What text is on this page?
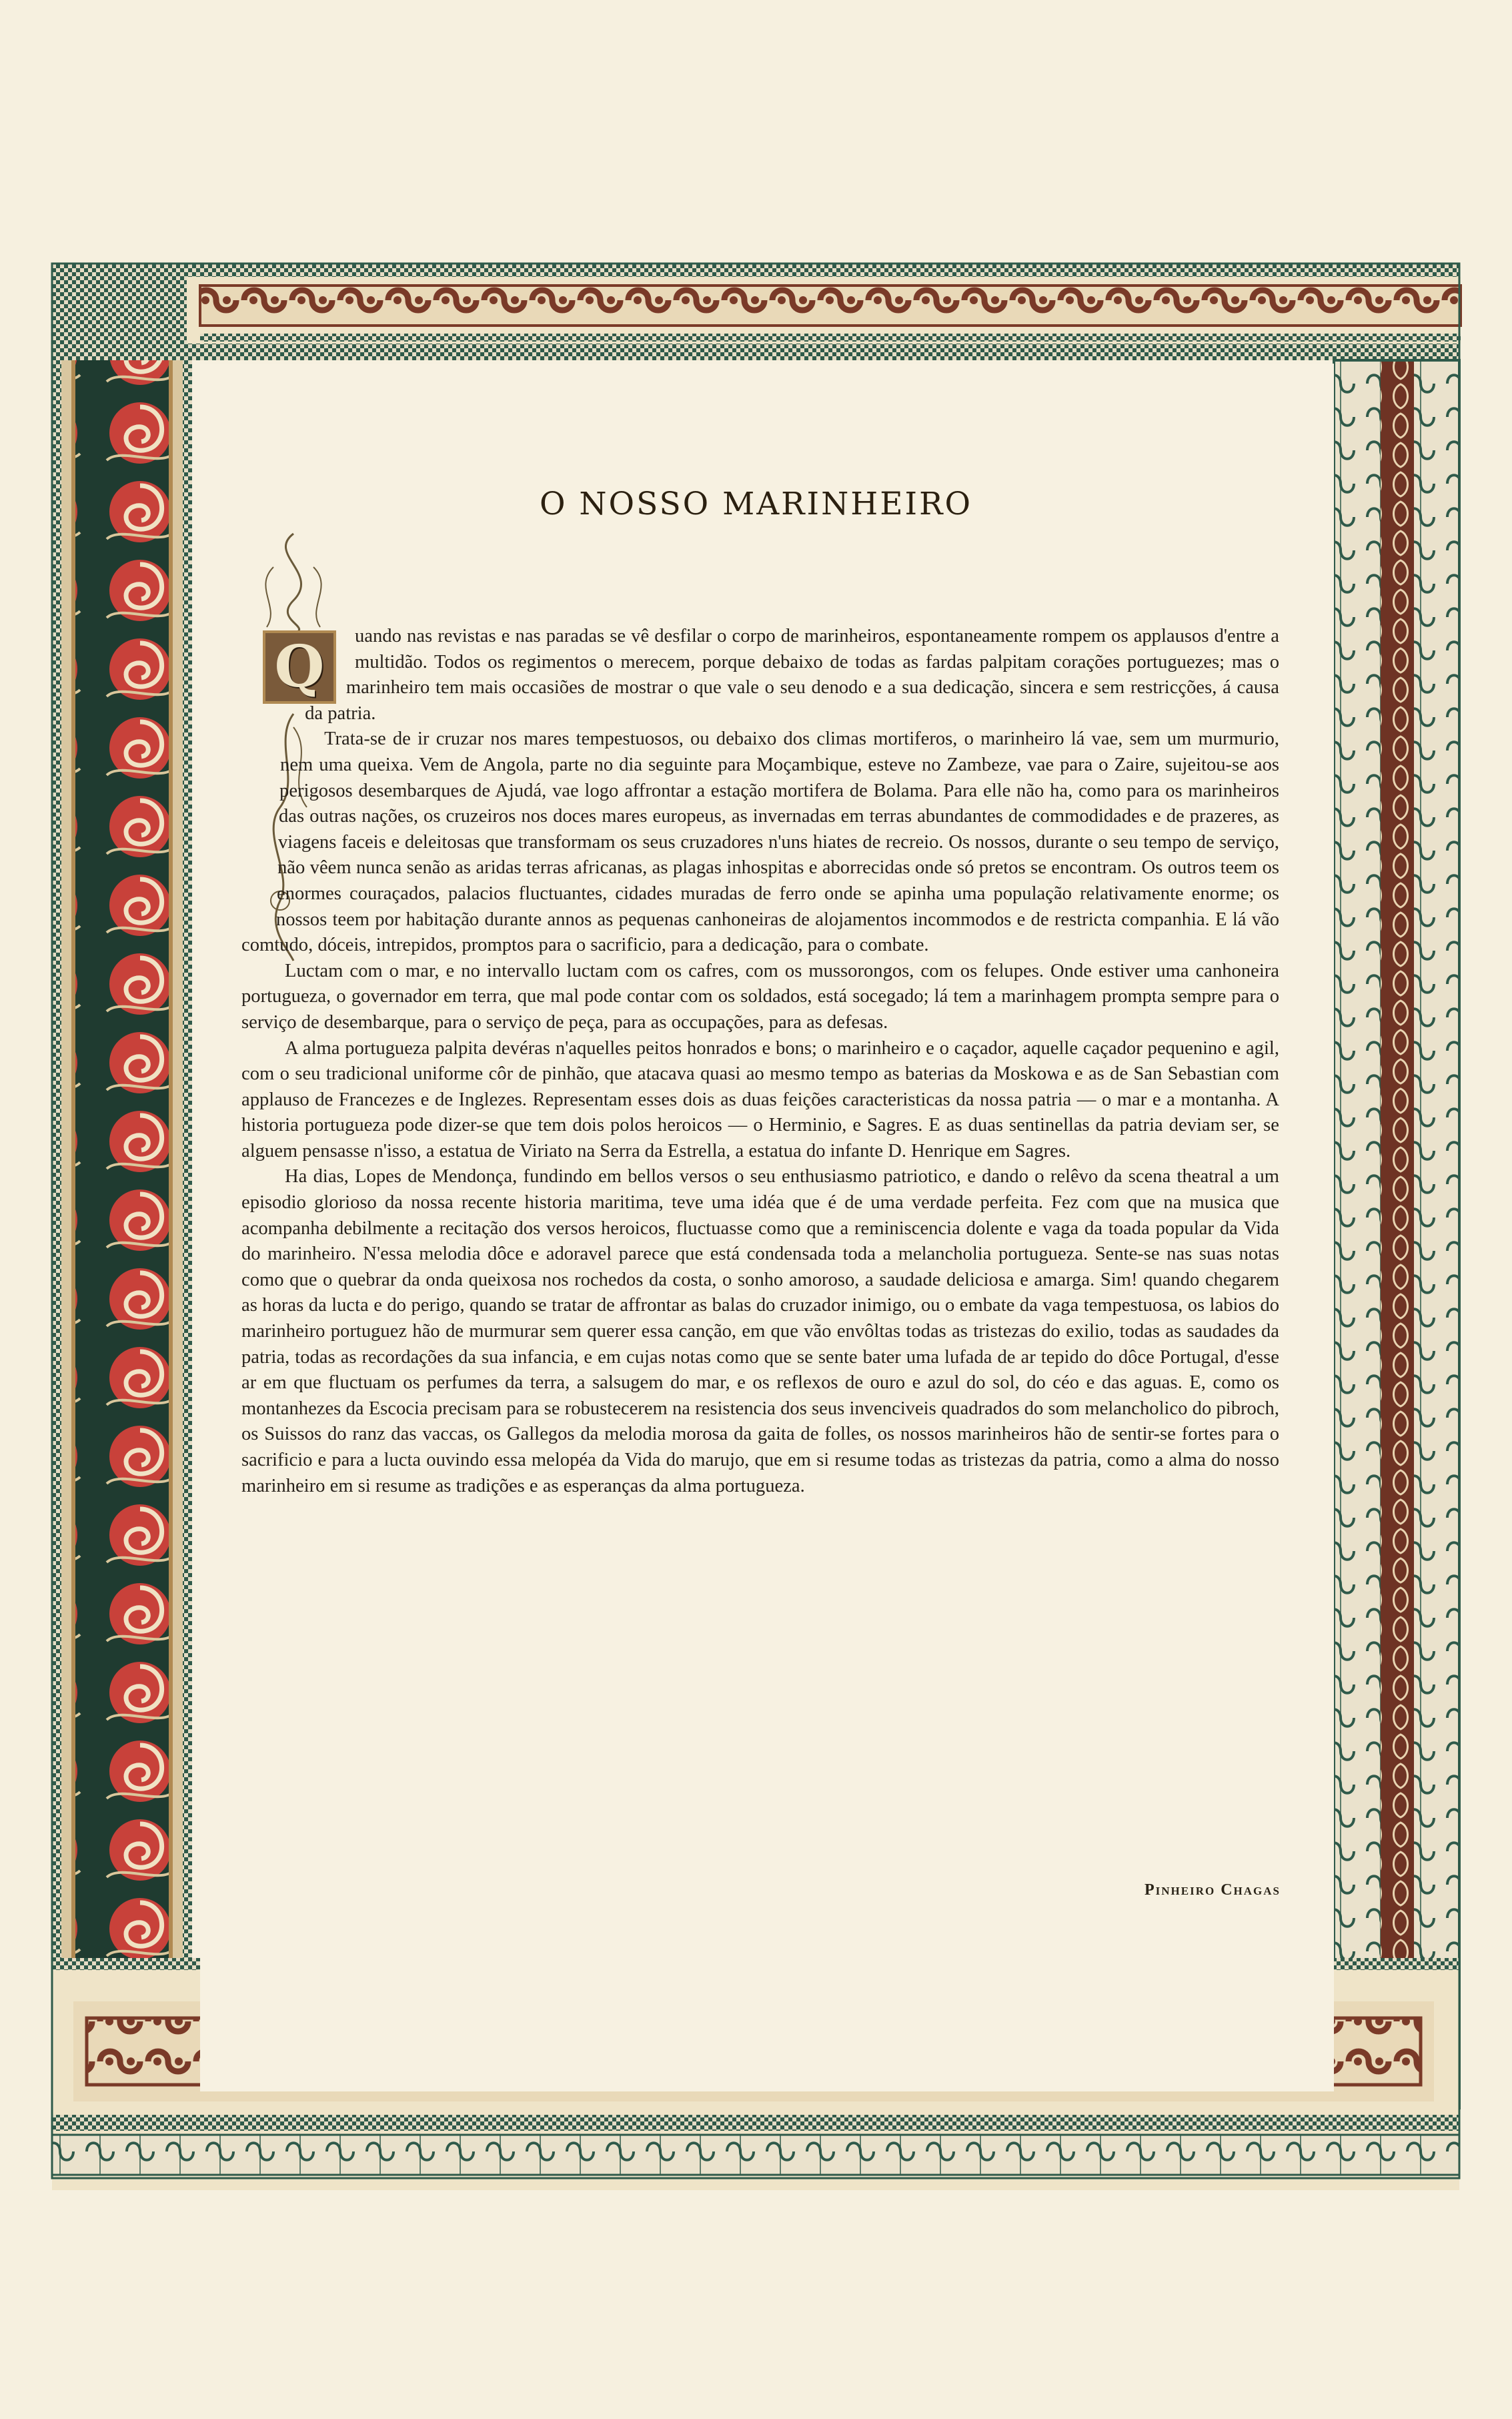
O NOSSO MARINHEIRO
Q	uando nas revistas e nas paradas se vê desfilar o corpo de marinheiros, espontaneamente rompem os applausos d'entre a multidão. Todos os regimentos o merecem, porque debaixo de todas as fardas palpitam corações portuguezes; mas o marinheiro tem mais occasiões de mostrar o que vale o seu denodo e a sua dedicação, sincera e sem restricções, á causa da patria.

Trata-se de ir cruzar nos mares tempestuosos, ou debaixo dos climas mortiferos, o marinheiro lá vae, sem um murmurio, nem uma queixa. Vem de Angola, parte no dia seguinte para Moçambique, esteve no Zambeze, vae para o Zaire, sujeitou-se aos perigosos desembarques de Ajudá, vae logo affrontar a estação mortifera de Bolama. Para elle não ha, como para os marinheiros das outras nações, os cruzeiros nos doces mares europeus, as invernadas em terras abundantes de commodidades e de prazeres, as viagens faceis e deleitosas que transformam os seus cruzadores n'uns hiates de recreio. Os nossos, durante o seu tempo de serviço, não vêem nunca senão as aridas terras africanas, as plagas inhospitas e aborrecidas onde só pretos se encontram. Os outros teem os enormes couraçados, palacios fluctuantes, cidades muradas de ferro onde se apinha uma população relativamente enorme; os nossos teem por habitação durante annos as pequenas canhoneiras de alojamentos incommodos e de restricta companhia. E lá vão comtudo, dóceis, intrepidos, promptos para o sacrificio, para a dedicação, para o combate.

Luctam com o mar, e no intervallo luctam com os cafres, com os mussorongos, com os felupes. Onde estiver uma canhoneira portugueza, o governador em terra, que mal pode contar com os soldados, está socegado; lá tem a marinhagem prompta sempre para o serviço de desembarque, para o serviço de peça, para as occupações, para as defesas.

A alma portugueza palpita devéras n'aquelles peitos honrados e bons; o marinheiro e o caçador, aquelle caçador pequenino e agil, com o seu tradicional uniforme côr de pinhão, que atacava quasi ao mesmo tempo as baterias da Moskowa e as de San Sebastian com applauso de Francezes e de Inglezes. Representam esses dois as duas feições caracteristicas da nossa patria — o mar e a montanha. A historia portugueza pode dizer-se que tem dois polos heroicos — o Herminio, e Sagres. E as duas sentinellas da patria deviam ser, se alguem pensasse n'isso, a estatua de Viriato na Serra da Estrella, a estatua do infante D. Henrique em Sagres.

Ha dias, Lopes de Mendonça, fundindo em bellos versos o seu enthusiasmo patriotico, e dando o relêvo da scena theatral a um episodio glorioso da nossa recente historia maritima, teve uma idéa que é de uma verdade perfeita. Fez com que na musica que acompanha debilmente a recitação dos versos heroicos, fluctuasse como que a reminiscencia dolente e vaga da toada popular da Vida do marinheiro. N'essa melodia dôce e adoravel parece que está condensada toda a melancholia portugueza. Sente-se nas suas notas como que o quebrar da onda queixosa nos rochedos da costa, o sonho amoroso, a saudade deliciosa e amarga. Sim! quando chegarem as horas da lucta e do perigo, quando se tratar de affrontar as balas do cruzador inimigo, ou o embate da vaga tempestuosa, os labios do marinheiro portuguez hão de murmurar sem querer essa canção, em que vão envôltas todas as tristezas do exilio, todas as saudades da patria, todas as recordações da sua infancia, e em cujas notas como que se sente bater uma lufada de ar tepido do dôce Portugal, d'esse ar em que fluctuam os perfumes da terra, a salsugem do mar, e os reflexos de ouro e azul do sol, do céo e das aguas. E, como os montanhezes da Escocia precisam para se robustecerem na resistencia dos seus invenciveis quadrados do som melancholico do pibroch, os Suissos do ranz das vaccas, os Gallegos da melodia morosa da gaita de folles, os nossos marinheiros hão de sentir-se fortes para o sacrificio e para a lucta ouvindo essa melopéa da Vida do marujo, que em si resume todas as tristezas da patria, como a alma do nosso marinheiro em si resume as tradições e as esperanças da alma portugueza.

Pinheiro Chagas
